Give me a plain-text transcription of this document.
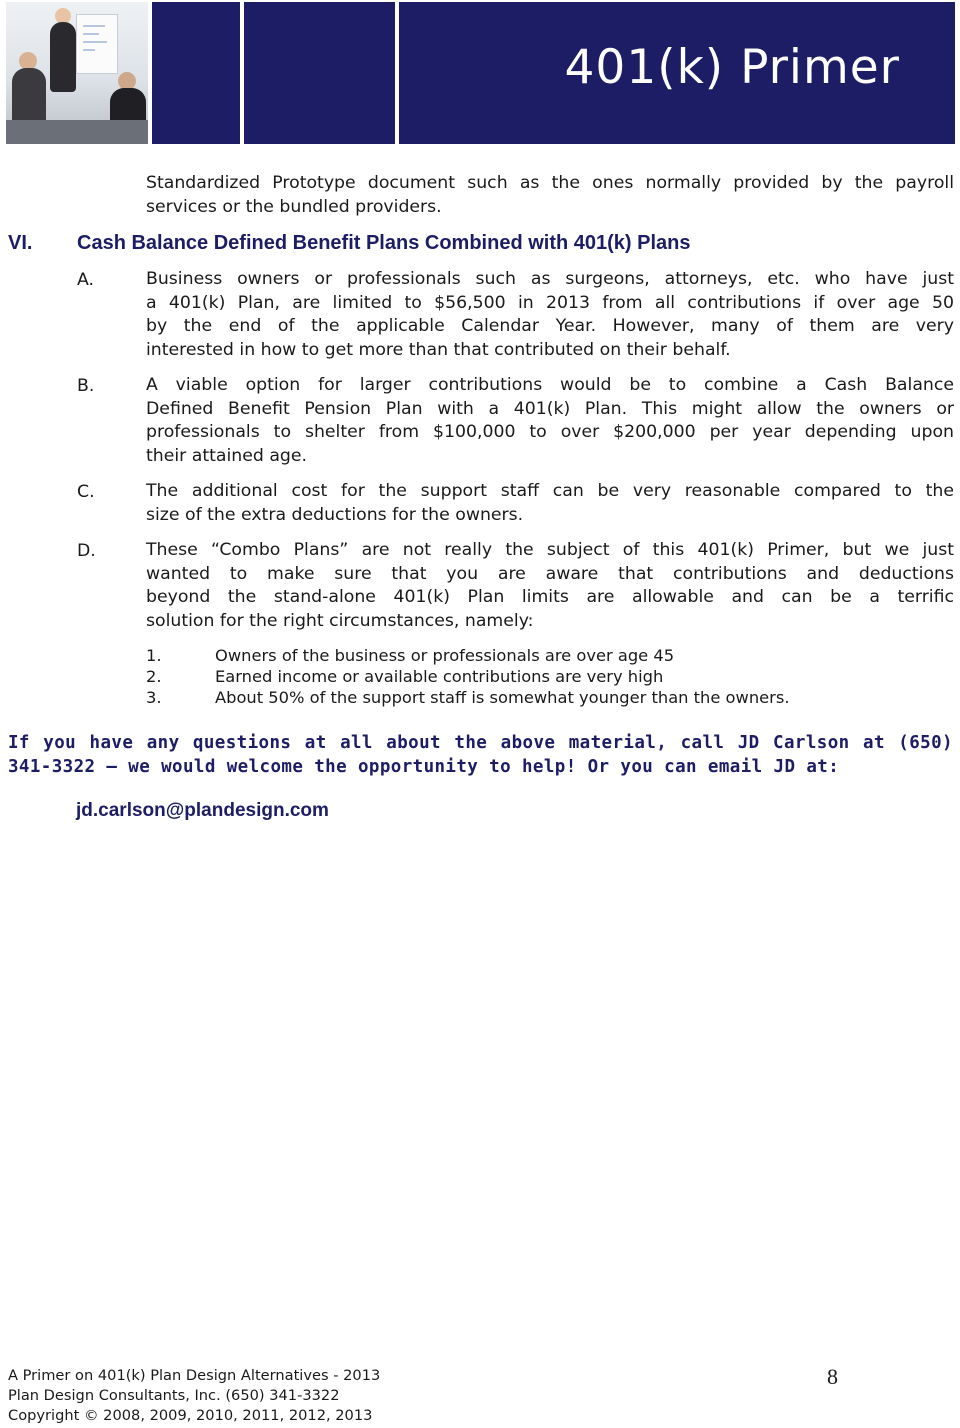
401(k) Primer
Standardized Prototype document such as the ones normally provided by the payroll
services or the bundled providers.
VI. Cash Balance Defined Benefit Plans Combined with 401(k) Plans
A.	Business owners or professionals such as surgeons, attorneys, etc. who have just
a 401(k) Plan, are limited to $56,500 in 2013 from all contributions if over age 50
by the end of the applicable Calendar Year. However, many of them are very
interested in how to get more than that contributed on their behalf.
B.	A viable option for larger contributions would be to combine a Cash Balance
Defined Benefit Pension Plan with a 401(k) Plan. This might allow the owners or
professionals to shelter from $100,000 to over $200,000 per year depending upon
their attained age.
C.	The additional cost for the support staff can be very reasonable compared to the
size of the extra deductions for the owners.
D.	These “Combo Plans” are not really the subject of this 401(k) Primer, but we just
wanted to make sure that you are aware that contributions and deductions
beyond the stand-alone 401(k) Plan limits are allowable and can be a terrific
solution for the right circumstances, namely:
1.	Owners of the business or professionals are over age 45
2.	Earned income or available contributions are very high
3.	About 50% of the support staff is somewhat younger than the owners.
If you have any questions at all about the above material, call JD Carlson at (650)
341-3322 — we would welcome the opportunity to help! Or you can email JD at:
jd.carlson@plandesign.com
A Primer on 401(k) Plan Design Alternatives - 2013
Plan Design Consultants, Inc. (650) 341-3322
Copyright © 2008, 2009, 2010, 2011, 2012, 2013
8
